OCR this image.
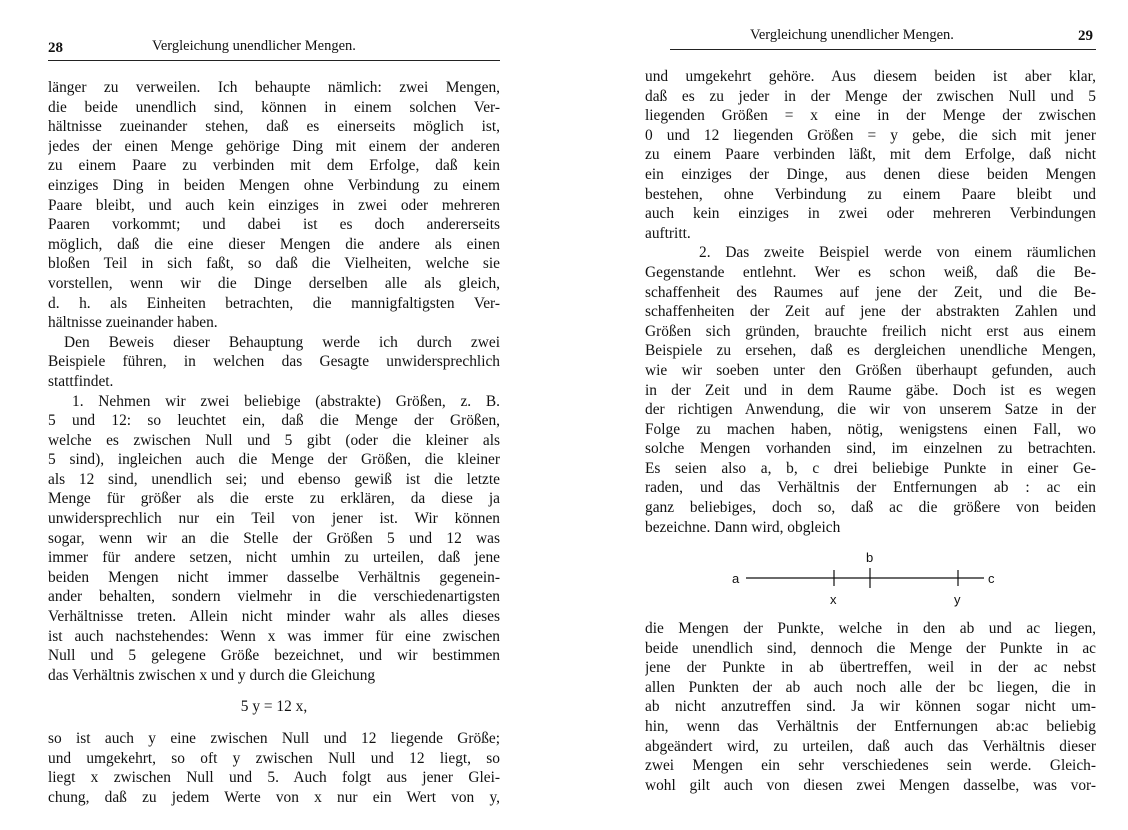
28	Vergleichung unendlicher Mengen.
länger zu verweilen. Ich behaupte nämlich: zwei Mengen,
die beide unendlich sind, können in einem solchen Ver-
hältnisse zueinander stehen, daß es einerseits möglich ist,
jedes der einen Menge gehörige Ding mit einem der anderen
zu einem Paare zu verbinden mit dem Erfolge, daß kein
einziges Ding in beiden Mengen ohne Verbindung zu einem
Paare bleibt, und auch kein einziges in zwei oder mehreren
Paaren vorkommt; und dabei ist es doch andererseits
möglich, daß die eine dieser Mengen die andere als einen
bloßen Teil in sich faßt, so daß die Vielheiten, welche sie
vorstellen, wenn wir die Dinge derselben alle als gleich,
d. h. als Einheiten betrachten, die mannigfaltigsten Ver-
hältnisse zueinander haben.
Den Beweis dieser Behauptung werde ich durch zwei
Beispiele führen, in welchen das Gesagte unwidersprechlich
stattfindet.
1. Nehmen wir zwei beliebige (abstrakte) Größen, z. B.
5 und 12: so leuchtet ein, daß die Menge der Größen,
welche es zwischen Null und 5 gibt (oder die kleiner als
5 sind), ingleichen auch die Menge der Größen, die kleiner
als 12 sind, unendlich sei; und ebenso gewiß ist die letzte
Menge für größer als die erste zu erklären, da diese ja
unwidersprechlich nur ein Teil von jener ist. Wir können
sogar, wenn wir an die Stelle der Größen 5 und 12 was
immer für andere setzen, nicht umhin zu urteilen, daß jene
beiden Mengen nicht immer dasselbe Verhältnis gegenein-
ander behalten, sondern vielmehr in die verschiedenartigsten
Verhältnisse treten. Allein nicht minder wahr als alles dieses
ist auch nachstehendes: Wenn x was immer für eine zwischen
Null und 5 gelegene Größe bezeichnet, und wir bestimmen
das Verhältnis zwischen x und y durch die Gleichung
5 y = 12 x,
so ist auch y eine zwischen Null und 12 liegende Größe;
und umgekehrt, so oft y zwischen Null und 12 liegt, so
liegt x zwischen Null und 5. Auch folgt aus jener Glei-
chung, daß zu jedem Werte von x nur ein Wert von y,
Vergleichung unendlicher Mengen.	29
und umgekehrt gehöre. Aus diesem beiden ist aber klar,
daß es zu jeder in der Menge der zwischen Null und 5
liegenden Größen = x eine in der Menge der zwischen
0 und 12 liegenden Größen = y gebe, die sich mit jener
zu einem Paare verbinden läßt, mit dem Erfolge, daß nicht
ein einziges der Dinge, aus denen diese beiden Mengen
bestehen, ohne Verbindung zu einem Paare bleibt und
auch kein einziges in zwei oder mehreren Verbindungen
auftritt.
2. Das zweite Beispiel werde von einem räumlichen
Gegenstande entlehnt. Wer es schon weiß, daß die Be-
schaffenheit des Raumes auf jene der Zeit, und die Be-
schaffenheiten der Zeit auf jene der abstrakten Zahlen und
Größen sich gründen, brauchte freilich nicht erst aus einem
Beispiele zu ersehen, daß es dergleichen unendliche Mengen,
wie wir soeben unter den Größen überhaupt gefunden, auch
in der Zeit und in dem Raume gäbe. Doch ist es wegen
der richtigen Anwendung, die wir von unserem Satze in der
Folge zu machen haben, nötig, wenigstens einen Fall, wo
solche Mengen vorhanden sind, im einzelnen zu betrachten.
Es seien also a, b, c drei beliebige Punkte in einer Ge-
raden, und das Verhältnis der Entfernungen ab : ac ein
ganz beliebiges, doch so, daß ac die größere von beiden
bezeichne. Dann wird, obgleich
a
b
c
x	y
die Mengen der Punkte, welche in den ab und ac liegen,
beide unendlich sind, dennoch die Menge der Punkte in ac
jene der Punkte in ab übertreffen, weil in der ac nebst
allen Punkten der ab auch noch alle der bc liegen, die in
ab nicht anzutreffen sind. Ja wir können sogar nicht um-
hin, wenn das Verhältnis der Entfernungen ab:ac beliebig
abgeändert wird, zu urteilen, daß auch das Verhältnis dieser
zwei Mengen ein sehr verschiedenes sein werde. Gleich-
wohl gilt auch von diesen zwei Mengen dasselbe, was vor-
